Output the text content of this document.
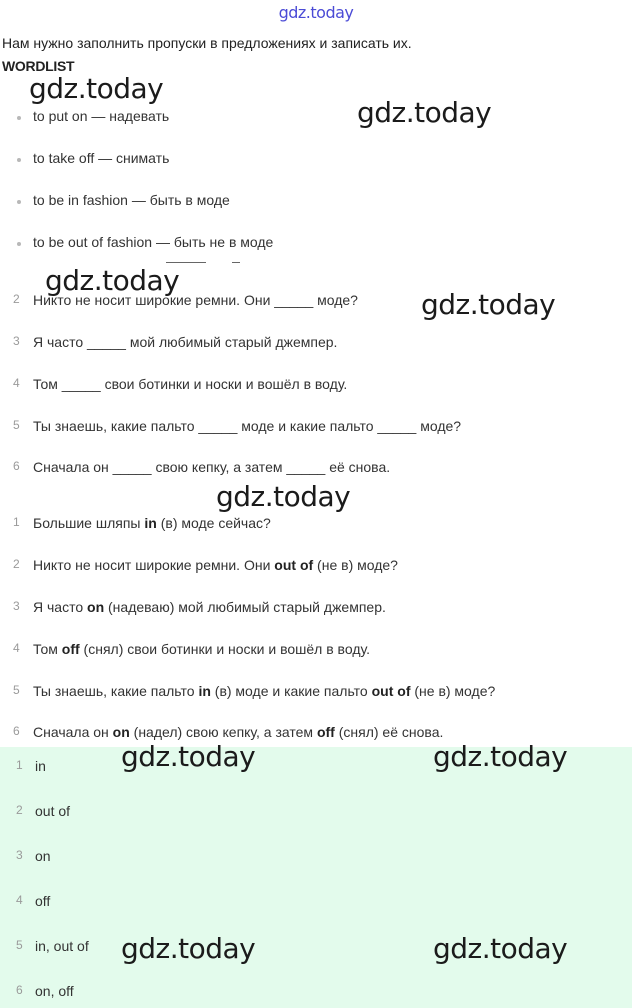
gdz.today
Нам нужно заполнить пропуски в предложениях и записать их.
WORDLIST
to put on — надевать
to take off — снимать
to be in fashion — быть в моде
to be out of fashion — быть не в моде
2 Никто не носит широкие ремни. Они _____ моде?
3 Я часто _____ мой любимый старый джемпер.
4 Том _____ свои ботинки и носки и вошёл в воду.
5 Ты знаешь, какие пальто _____ моде и какие пальто _____ моде?
6 Сначала он _____ свою кепку, а затем _____ её снова.
1 Большие шляпы in (в) моде сейчас?
2 Никто не носит широкие ремни. Они out of (не в) моде?
3 Я часто on (надеваю) мой любимый старый джемпер.
4 Том off (снял) свои ботинки и носки и вошёл в воду.
5 Ты знаешь, какие пальто in (в) моде и какие пальто out of (не в) моде?
6 Сначала он on (надел) свою кепку, а затем off (снял) её снова.
1 in
2 out of
3 on
4 off
5 in, out of
6 on, off
gdz.today
gdz.today
gdz.today
gdz.today
gdz.today
gdz.today	gdz.today
gdz.today	gdz.today
